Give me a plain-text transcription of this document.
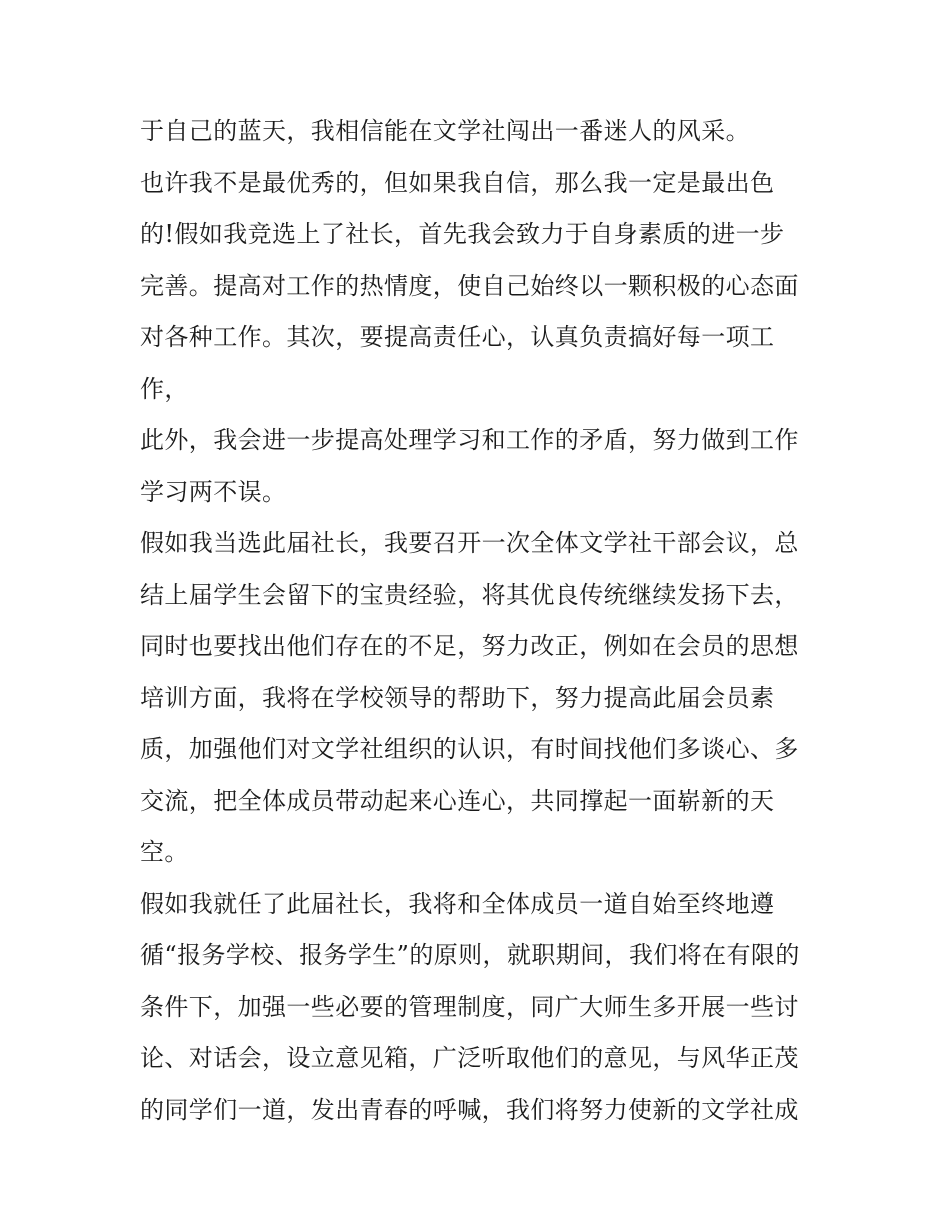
于自己的蓝天，我相信能在文学社闯出一番迷人的风采。
也许我不是最优秀的，但如果我自信，那么我一定是最出色
的!假如我竞选上了社长，首先我会致力于自身素质的进一步
完善。提高对工作的热情度，使自己始终以一颗积极的心态面
对各种工作。其次，要提高责任心，认真负责搞好每一项工
作，
此外，我会进一步提高处理学习和工作的矛盾，努力做到工作
学习两不误。
假如我当选此届社长，我要召开一次全体文学社干部会议，总
结上届学生会留下的宝贵经验，将其优良传统继续发扬下去，
同时也要找出他们存在的不足，努力改正，例如在会员的思想
培训方面，我将在学校领导的帮助下，努力提高此届会员素
质，加强他们对文学社组织的认识，有时间找他们多谈心、多
交流，把全体成员带动起来心连心，共同撑起一面崭新的天
空。
假如我就任了此届社长，我将和全体成员一道自始至终地遵
循“报务学校、报务学生”的原则，就职期间，我们将在有限的
条件下，加强一些必要的管理制度，同广大师生多开展一些讨
论、对话会，设立意见箱，广泛听取他们的意见，与风华正茂
的同学们一道，发出青春的呼喊，我们将努力使新的文学社成
